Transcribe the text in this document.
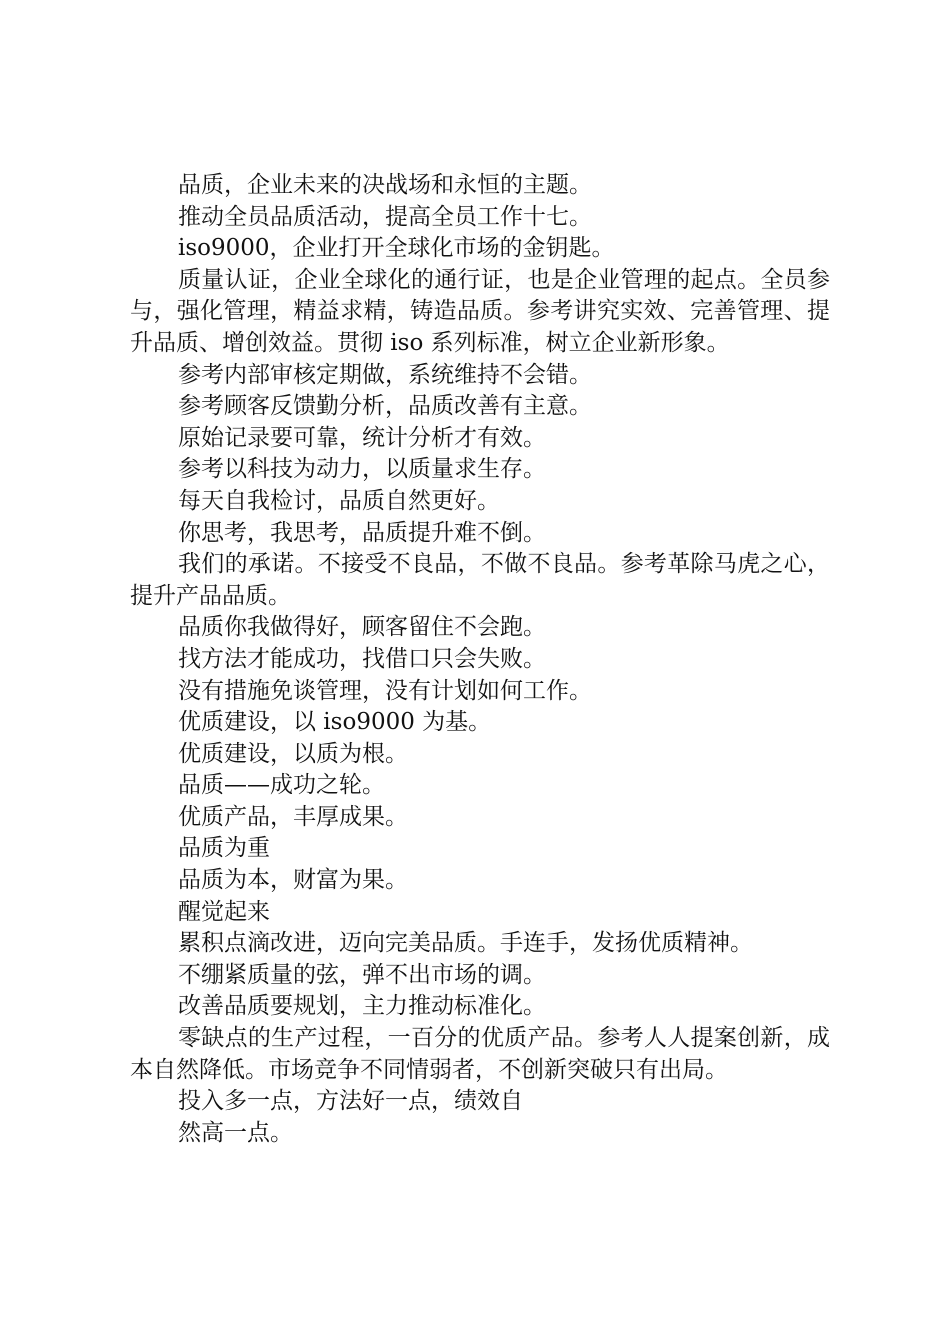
品质，企业未来的决战场和永恒的主题。

推动全员品质活动，提高全员工作十七。

iso9000，企业打开全球化市场的金钥匙。

质量认证，企业全球化的通行证，也是企业管理的起点。全员参与，强化管理，精益求精，铸造品质。参考讲究实效、完善管理、提升品质、增创效益。贯彻 iso 系列标准，树立企业新形象。

参考内部审核定期做，系统维持不会错。

参考顾客反馈勤分析，品质改善有主意。

原始记录要可靠，统计分析才有效。

参考以科技为动力，以质量求生存。

每天自我检讨，品质自然更好。

你思考，我思考，品质提升难不倒。

我们的承诺。不接受不良品，不做不良品。参考革除马虎之心，提升产品品质。

品质你我做得好，顾客留住不会跑。

找方法才能成功，找借口只会失败。

没有措施免谈管理，没有计划如何工作。

优质建设，以 iso9000 为基。

优质建设，以质为根。

品质——成功之轮。

优质产品，丰厚成果。

品质为重

品质为本，财富为果。

醒觉起来

累积点滴改进，迈向完美品质。手连手，发扬优质精神。

不绷紧质量的弦，弹不出市场的调。

改善品质要规划，主力推动标准化。

零缺点的生产过程，一百分的优质产品。参考人人提案创新，成本自然降低。市场竞争不同情弱者，不创新突破只有出局。

投入多一点，方法好一点，绩效自

然高一点。
